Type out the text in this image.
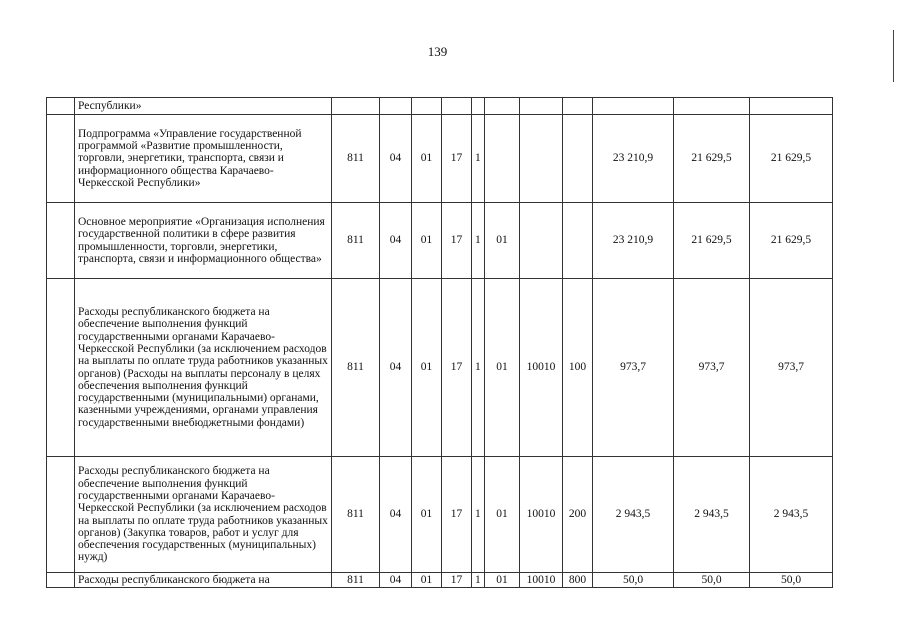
139
	Республики»											
	Подпрограмма «Управление государственной программой «Развитие промышленности, торговли, энергетики, транспорта, связи и информационного общества Карачаево-Черкесской Республики»	811	04	01	17	1				23 210,9	21 629,5	21 629,5
	Основное мероприятие «Организация исполнения государственной политики в сфере развития промышленности, торговли, энергетики, транспорта, связи и информационного общества»	811	04	01	17	1	01			23 210,9	21 629,5	21 629,5
	Расходы республиканского бюджета на обеспечение выполнения функций государственными органами Карачаево-Черкесской Республики (за исключением расходов на выплаты по оплате труда работников указанных органов) (Расходы на выплаты персоналу в целях обеспечения выполнения функций государственными (муниципальными) органами, казенными учреждениями, органами управления государственными внебюджетными фондами)	811	04	01	17	1	01	10010	100	973,7	973,7	973,7
	Расходы республиканского бюджета на обеспечение выполнения функций государственными органами Карачаево-Черкесской Республики (за исключением расходов на выплаты по оплате труда работников указанных органов) (Закупка товаров, работ и услуг для обеспечения государственных (муниципальных) нужд)	811	04	01	17	1	01	10010	200	2 943,5	2 943,5	2 943,5
	Расходы республиканского бюджета на	811	04	01	17	1	01	10010	800	50,0	50,0	50,0
